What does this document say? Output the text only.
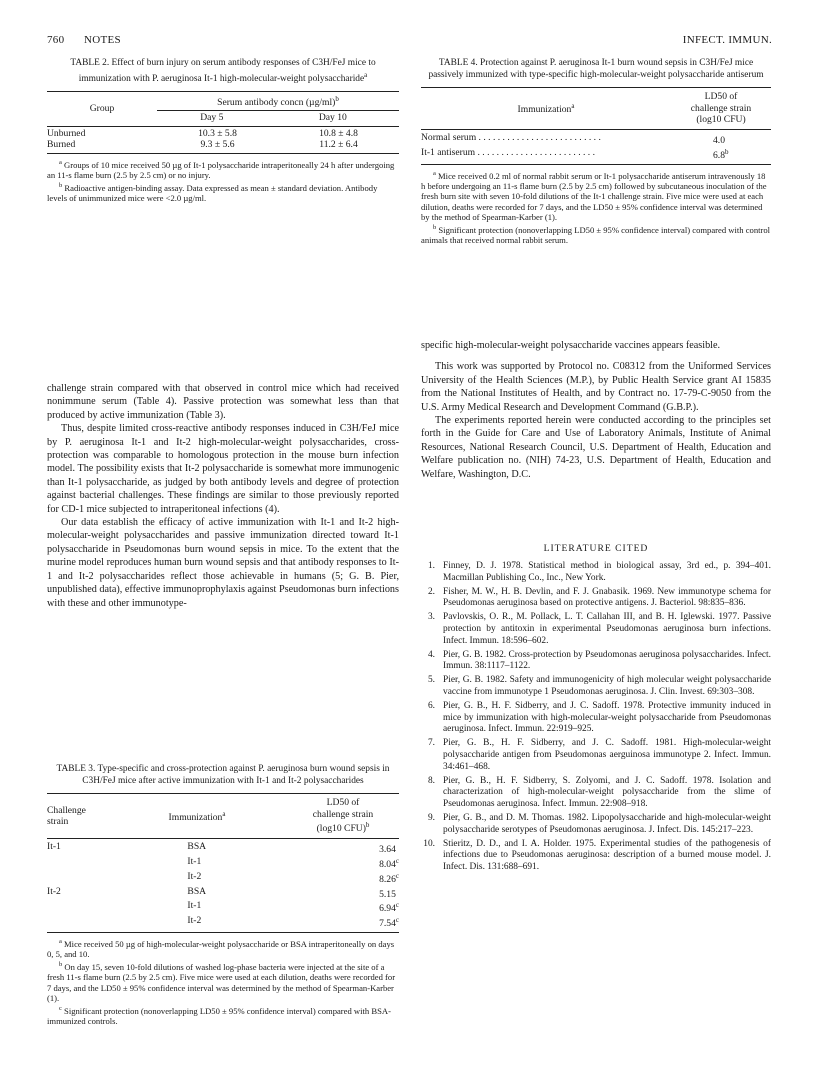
760 NOTES	INFECT. IMMUN.
TABLE 2. Effect of burn injury on serum antibody responses of C3H/FeJ mice to immunization with P. aeruginosa It-1 high-molecular-weight polysaccharide$^a$
Group	Serum antibody concn $(\mu g/ml)^b$
	Day 5	Day 10
Unburned	10.3 ± 5.8	10.8 ± 4.8
Burned	9.3 ± 5.6	11.2 ± 6.4

$^a$ Groups of 10 mice received 50 µg of It-1 polysaccharide intraperitoneally 24 h after undergoing an 11-s flame burn (2.5 by 2.5 cm) or no injury.

$^b$ Radioactive antigen-binding assay. Data expressed as mean ± standard deviation. Antibody levels of unimmunized mice were <2.0 µg/ml.

challenge strain compared with that observed in control mice which had received nonimmune serum (Table 4). Passive protection was somewhat less than that produced by active immunization (Table 3).

Thus, despite limited cross-reactive antibody responses induced in C3H/FeJ mice by P. aeruginosa It-1 and It-2 high-molecular-weight polysaccharides, cross-protection was comparable to homologous protection in the mouse burn infection model. The possibility exists that It-2 polysaccharide is somewhat more immunogenic than It-1 polysaccharide, as judged by both antibody levels and degree of protection against bacterial challenges. These findings are similar to those previously reported for CD-1 mice subjected to intraperitoneal infections (4).

Our data establish the efficacy of active immunization with It-1 and It-2 high-molecular-weight polysaccharides and passive immunization directed toward It-1 polysaccharide in Pseudomonas burn wound sepsis in mice. To the extent that the murine model reproduces human burn wound sepsis and that antibody responses to It-1 and It-2 polysaccharides reflect those achievable in humans (5; G. B. Pier, unpublished data), effective immunoprophylaxis against Pseudomonas burn infections with these and other immunotype-

TABLE 3. Type-specific and cross-protection against P. aeruginosa burn wound sepsis in C3H/FeJ mice after active immunization with It-1 and It-2 polysaccharides
Challenge strain	Immunization$^a$	
LD50 of
challenge strain
(log10 CFU)$^b$
It-1	BSA	3.64
	It-1	8.04$^c$
	It-2	8.26$^c$
It-2	BSA	5.15
	It-1	6.94$^c$
	It-2	7.54$^c$

$^a$ Mice received 50 µg of high-molecular-weight polysaccharide or BSA intraperitoneally on days 0, 5, and 10.

$^b$ On day 15, seven 10-fold dilutions of washed log-phase bacteria were injected at the site of a fresh 11-s flame burn (2.5 by 2.5 cm). Five mice were used at each dilution, deaths were recorded for 7 days, and the LD50 ± 95% confidence interval was determined by the method of Spearman-Karber (1).

$^c$ Significant protection (nonoverlapping LD50 ± 95% confidence interval) compared with BSA-immunized controls.

TABLE 4. Protection against P. aeruginosa It-1 burn wound sepsis in C3H/FeJ mice passively immunized with type-specific high-molecular-weight polysaccharide antiserum
Immunization$^a$	
LD50 of
challenge strain
(log10 CFU)
Normal serum . . . . . . . . . . . . . . . . . . . . . . . . . .	4.0
It-1 antiserum . . . . . . . . . . . . . . . . . . . . . . . . .	6.8$^b$

$^a$ Mice received 0.2 ml of normal rabbit serum or It-1 polysaccharide antiserum intravenously 18 h before undergoing an 11-s flame burn (2.5 by 2.5 cm) followed by subcutaneous inoculation of the fresh burn site with seven 10-fold dilutions of the It-1 challenge strain. Five mice were used at each dilution, deaths were recorded for 7 days, and the LD50 ± 95% confidence interval was determined by the method of Spearman-Karber (1).

$^b$ Significant protection (nonoverlapping LD50 ± 95% confidence interval) compared with control animals that received normal rabbit serum.

specific high-molecular-weight polysaccharide vaccines appears feasible.

This work was supported by Protocol no. C08312 from the Uniformed Services University of the Health Sciences (M.P.), by Public Health Service grant AI 15835 from the National Institutes of Health, and by Contract no. 17-79-C-9050 from the U.S. Army Medical Research and Development Command (G.B.P.).

The experiments reported herein were conducted according to the principles set forth in the Guide for Care and Use of Laboratory Animals, Institute of Animal Resources, National Research Council, U.S. Department of Health, Education and Welfare publication no. (NIH) 74-23, U.S. Department of Health, Education and Welfare, Washington, D.C.

LITERATURE CITED
1. Finney, D. J. 1978. Statistical method in biological assay, 3rd ed., p. 394–401. Macmillan Publishing Co., Inc., New York.
2. Fisher, M. W., H. B. Devlin, and F. J. Gnabasik. 1969. New immunotype schema for Pseudomonas aeruginosa based on protective antigens. J. Bacteriol. 98:835–836.
3. Pavlovskis, O. R., M. Pollack, L. T. Callahan III, and B. H. Iglewski. 1977. Passive protection by antitoxin in experimental Pseudomonas aeruginosa burn infections. Infect. Immun. 18:596–602.
4. Pier, G. B. 1982. Cross-protection by Pseudomonas aeruginosa polysaccharides. Infect. Immun. 38:1117–1122.
5. Pier, G. B. 1982. Safety and immunogenicity of high molecular weight polysaccharide vaccine from immunotype 1 Pseudomonas aeruginosa. J. Clin. Invest. 69:303–308.
6. Pier, G. B., H. F. Sidberry, and J. C. Sadoff. 1978. Protective immunity induced in mice by immunization with high-molecular-weight polysaccharide from Pseudomonas aeruginosa. Infect. Immun. 22:919–925.
7. Pier, G. B., H. F. Sidberry, and J. C. Sadoff. 1981. High-molecular-weight polysaccharide antigen from Pseudomonas aerguinosa immunotype 2. Infect. Immun. 34:461–468.
8. Pier, G. B., H. F. Sidberry, S. Zolyomi, and J. C. Sadoff. 1978. Isolation and characterization of high-molecular-weight polysaccharide from the slime of Pseudomonas aeruginosa. Infect. Immun. 22:908–918.
9. Pier, G. B., and D. M. Thomas. 1982. Lipopolysaccharide and high-molecular-weight polysaccharide serotypes of Pseudomonas aeruginosa. J. Infect. Dis. 145:217–223.
10. Stieritz, D. D., and I. A. Holder. 1975. Experimental studies of the pathogenesis of infections due to Pseudomonas aeruginosa: description of a burned mouse model. J. Infect. Dis. 131:688–691.
